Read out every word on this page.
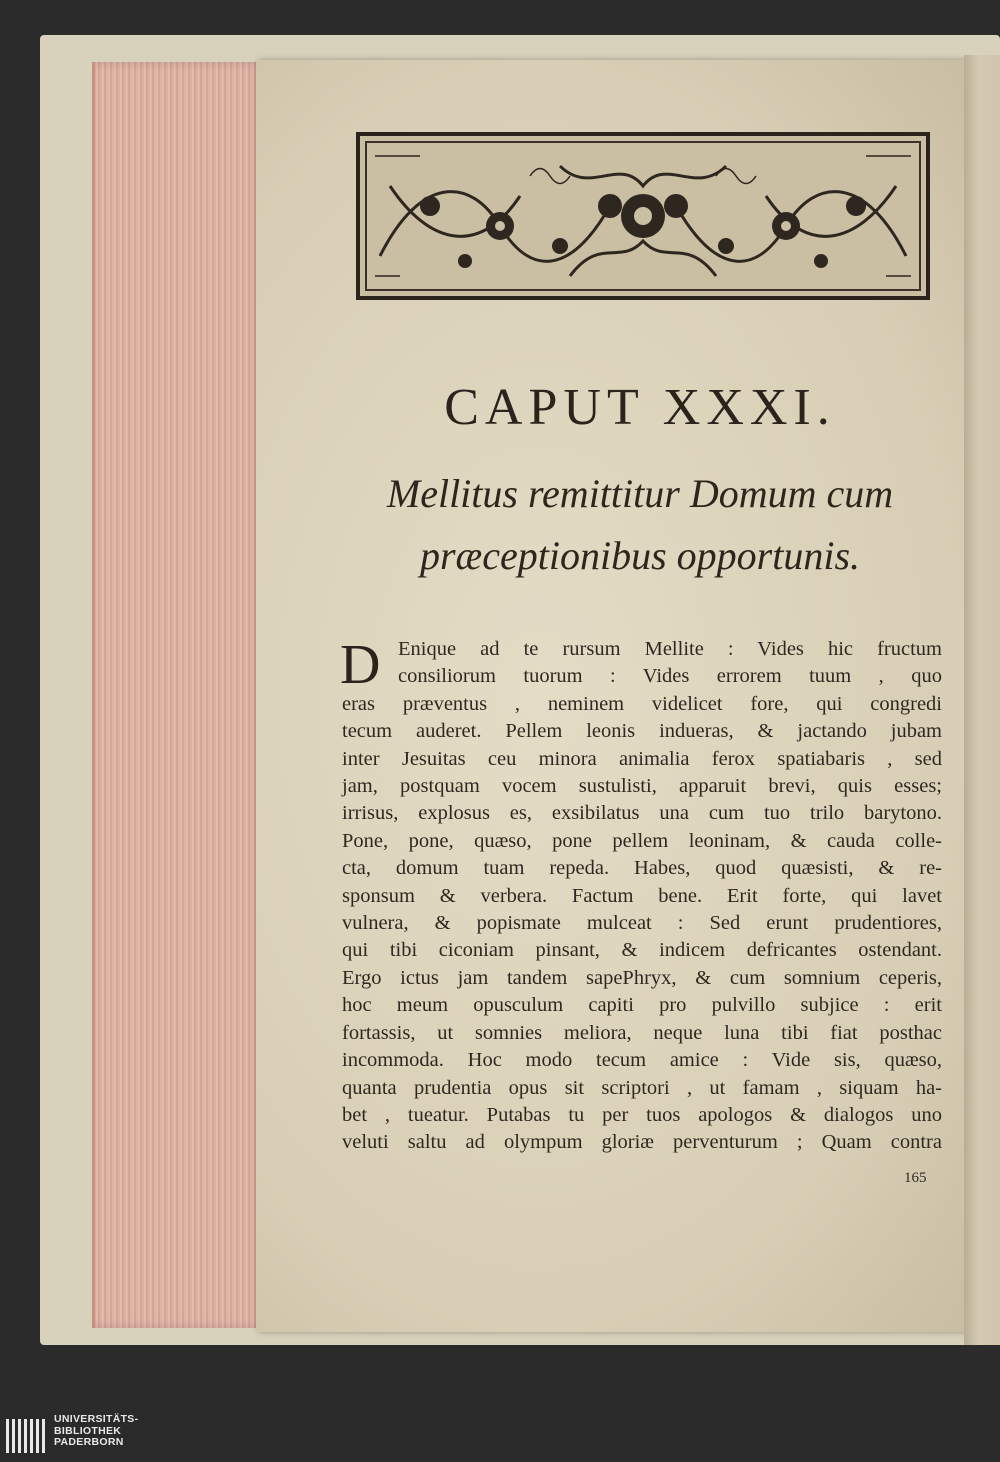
CAPUT XXXI.

Mellitus remittitur Domum cum

præceptionibus opportunis.

D Enique ad te rursum Mellite : Vides hic fructum
consiliorum tuorum : Vides errorem tuum , quo
eras præventus , neminem videlicet fore, qui congredi
tecum auderet. Pellem leonis indueras, & jactando jubam
inter Jesuitas ceu minora animalia ferox spatiabaris , sed
jam, postquam vocem sustulisti, apparuit brevi, quis esses;
irrisus, explosus es, exsibilatus una cum tuo trilo barytono.
Pone, pone, quæso, pone pellem leoninam, & cauda colle-
cta, domum tuam repeda. Habes, quod quæsisti, & re-
sponsum & verbera. Factum bene. Erit forte, qui lavet
vulnera, & popismate mulceat : Sed erunt prudentiores,
qui tibi ciconiam pinsant, & indicem defricantes ostendant.
Ergo ictus jam tandem sapePhryx, & cum somnium ceperis,
hoc meum opusculum capiti pro pulvillo subjice : erit
fortassis, ut somnies meliora, neque luna tibi fiat posthac
incommoda. Hoc modo tecum amice : Vide sis, quæso,
quanta prudentia opus sit scriptori , ut famam , siquam ha-
bet , tueatur. Putabas tu per tuos apologos & dialogos uno
veluti saltu ad olympum gloriæ perventurum ; Quam contra
165
UNIVERSITÄTS-
BIBLIOTHEK
PADERBORN
